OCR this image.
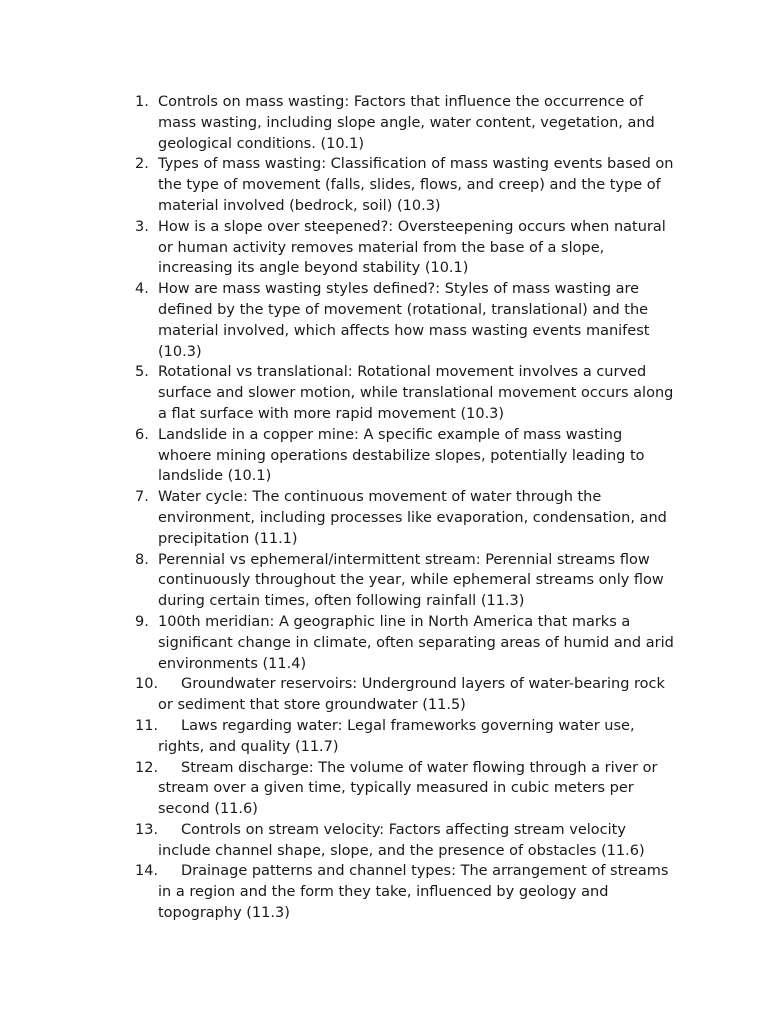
1. Controls on mass wasting: Factors that influence the occurrence of mass wasting, including slope angle, water content, vegetation, and geological conditions. (10.1)
2. Types of mass wasting: Classification of mass wasting events based on the type of movement (falls, slides, flows, and creep) and the type of material involved (bedrock, soil) (10.3)
3. How is a slope over steepened?: Oversteepening occurs when natural or human activity removes material from the base of a slope, increasing its angle beyond stability (10.1)
4. How are mass wasting styles defined?: Styles of mass wasting are defined by the type of movement (rotational, translational) and the material involved, which affects how mass wasting events manifest (10.3)
5. Rotational vs translational: Rotational movement involves a curved surface and slower motion, while translational movement occurs along a flat surface with more rapid movement (10.3)
6. Landslide in a copper mine: A specific example of mass wasting whoere mining operations destabilize slopes, potentially leading to landslide (10.1)
7. Water cycle: The continuous movement of water through the environment, including processes like evaporation, condensation, and precipitation (11.1)
8. Perennial vs ephemeral/intermittent stream: Perennial streams flow continuously throughout the year, while ephemeral streams only flow during certain times, often following rainfall (11.3)
9. 100th meridian: A geographic line in North America that marks a significant change in climate, often separating areas of humid and arid environments (11.4)
10.	Groundwater reservoirs: Underground layers of water-bearing rock or sediment that store groundwater (11.5)
11.	Laws regarding water: Legal frameworks governing water use, rights, and quality (11.7)
12.	Stream discharge: The volume of water flowing through a river or stream over a given time, typically measured in cubic meters per second (11.6)
13.	Controls on stream velocity: Factors affecting stream velocity include channel shape, slope, and the presence of obstacles (11.6)
14.	Drainage patterns and channel types: The arrangement of streams in a region and the form they take, influenced by geology and topography (11.3)
